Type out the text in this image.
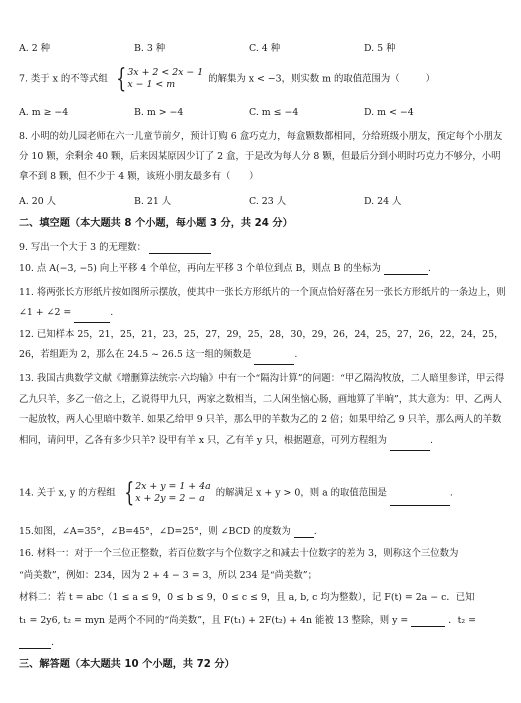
A. 2 种	B. 3 种	C. 4 种	D. 5 种
7. 类于 x 的不等式组 { 3x + 2 < 2x − 1
x − 1 < m	的解集为 x < −3，则实数 m 的取值范围为（	）
A. m ≥ −4	B. m > −4	C. m ≤ −4	D. m < −4
8. 小明的幼儿园老师在六一儿童节前夕，预计订购 6 盒巧克力，每盒颗数都相同，分给班级小朋友，预定每个小朋友分 10 颗，余剩余 40 颗，后来因某原因少订了 2 盒，于是改为每人分 8 颗，但最后分到小明时巧克力不够分，小明拿不到 8 颗，但不少于 4 颗，该班小朋友最多有（　　）
A. 20 人	B. 21 人	C. 23 人	D. 24 人
二、填空题（本大题共 8 个小题，每小题 3 分，共 24 分）
9. 写出一个大于 3 的无理数：
10. 点 A(−3, −5) 向上平移 4 个单位，再向左平移 3 个单位到点 B，则点 B 的坐标为	.
11. 将两张长方形纸片按如图所示摆放，使其中一张长方形纸片的一个顶点恰好落在另一张长方形纸片的一条边上，则 ∠1 + ∠2 =	.
12. 已知样本 25，21，25，21，23，25，27，29，25，28，30，29，26，24，25，27，26，22，24，25，26，若组距为 2，那么在 24.5 ~ 26.5 这一组的频数是	.
13. 我国古典数学文献《增删算法统宗·六均输》中有一个“隔沟计算”的问题：“甲乙隔沟牧放，二人暗里参详，甲云得乙九只羊，多乙一倍之上，乙说得甲九只，两家之数相当，二人闲坐恼心肠，画地算了半晌”，其大意为：甲、乙两人一起放牧，两人心里暗中数羊. 如果乙给甲 9 只羊，那么甲的羊数为乙的 2 倍；如果甲给乙 9 只羊，那么两人的羊数相同，请问甲，乙各有多少只羊? 设甲有羊 x 只，乙有羊 y 只，根据题意，可列方程组为	.
14. 关于 x, y 的方程组 { 2x + y = 1 + 4a
x + 2y = 2 − a	的解满足 x + y > 0，则 a 的取值范围是	.
15.如图，∠A=35°，∠B=45°，∠D=25°，则 ∠BCD 的度数为 .
16. 材料一：对于一个三位正整数，若百位数字与个位数字之和减去十位数字的差为 3，则称这个三位数为
“尚美数”，例如：234，因为 2 + 4 − 3 = 3，所以 234 是“尚美数”；
材料二：若 t = abc（1 ≤ a ≤ 9，0 ≤ b ≤ 9，0 ≤ c ≤ 9，且 a, b, c 均为整数），记 F(t) = 2a − c．已知
t₁ = 2y6, t₂ = myn 是两个不同的“尚美数”，且 F(t₁) + 2F(t₂) + 4n 能被 13 整除，则 y =	．t₂ =
.
三、解答题（本大题共 10 个小题，共 72 分）
